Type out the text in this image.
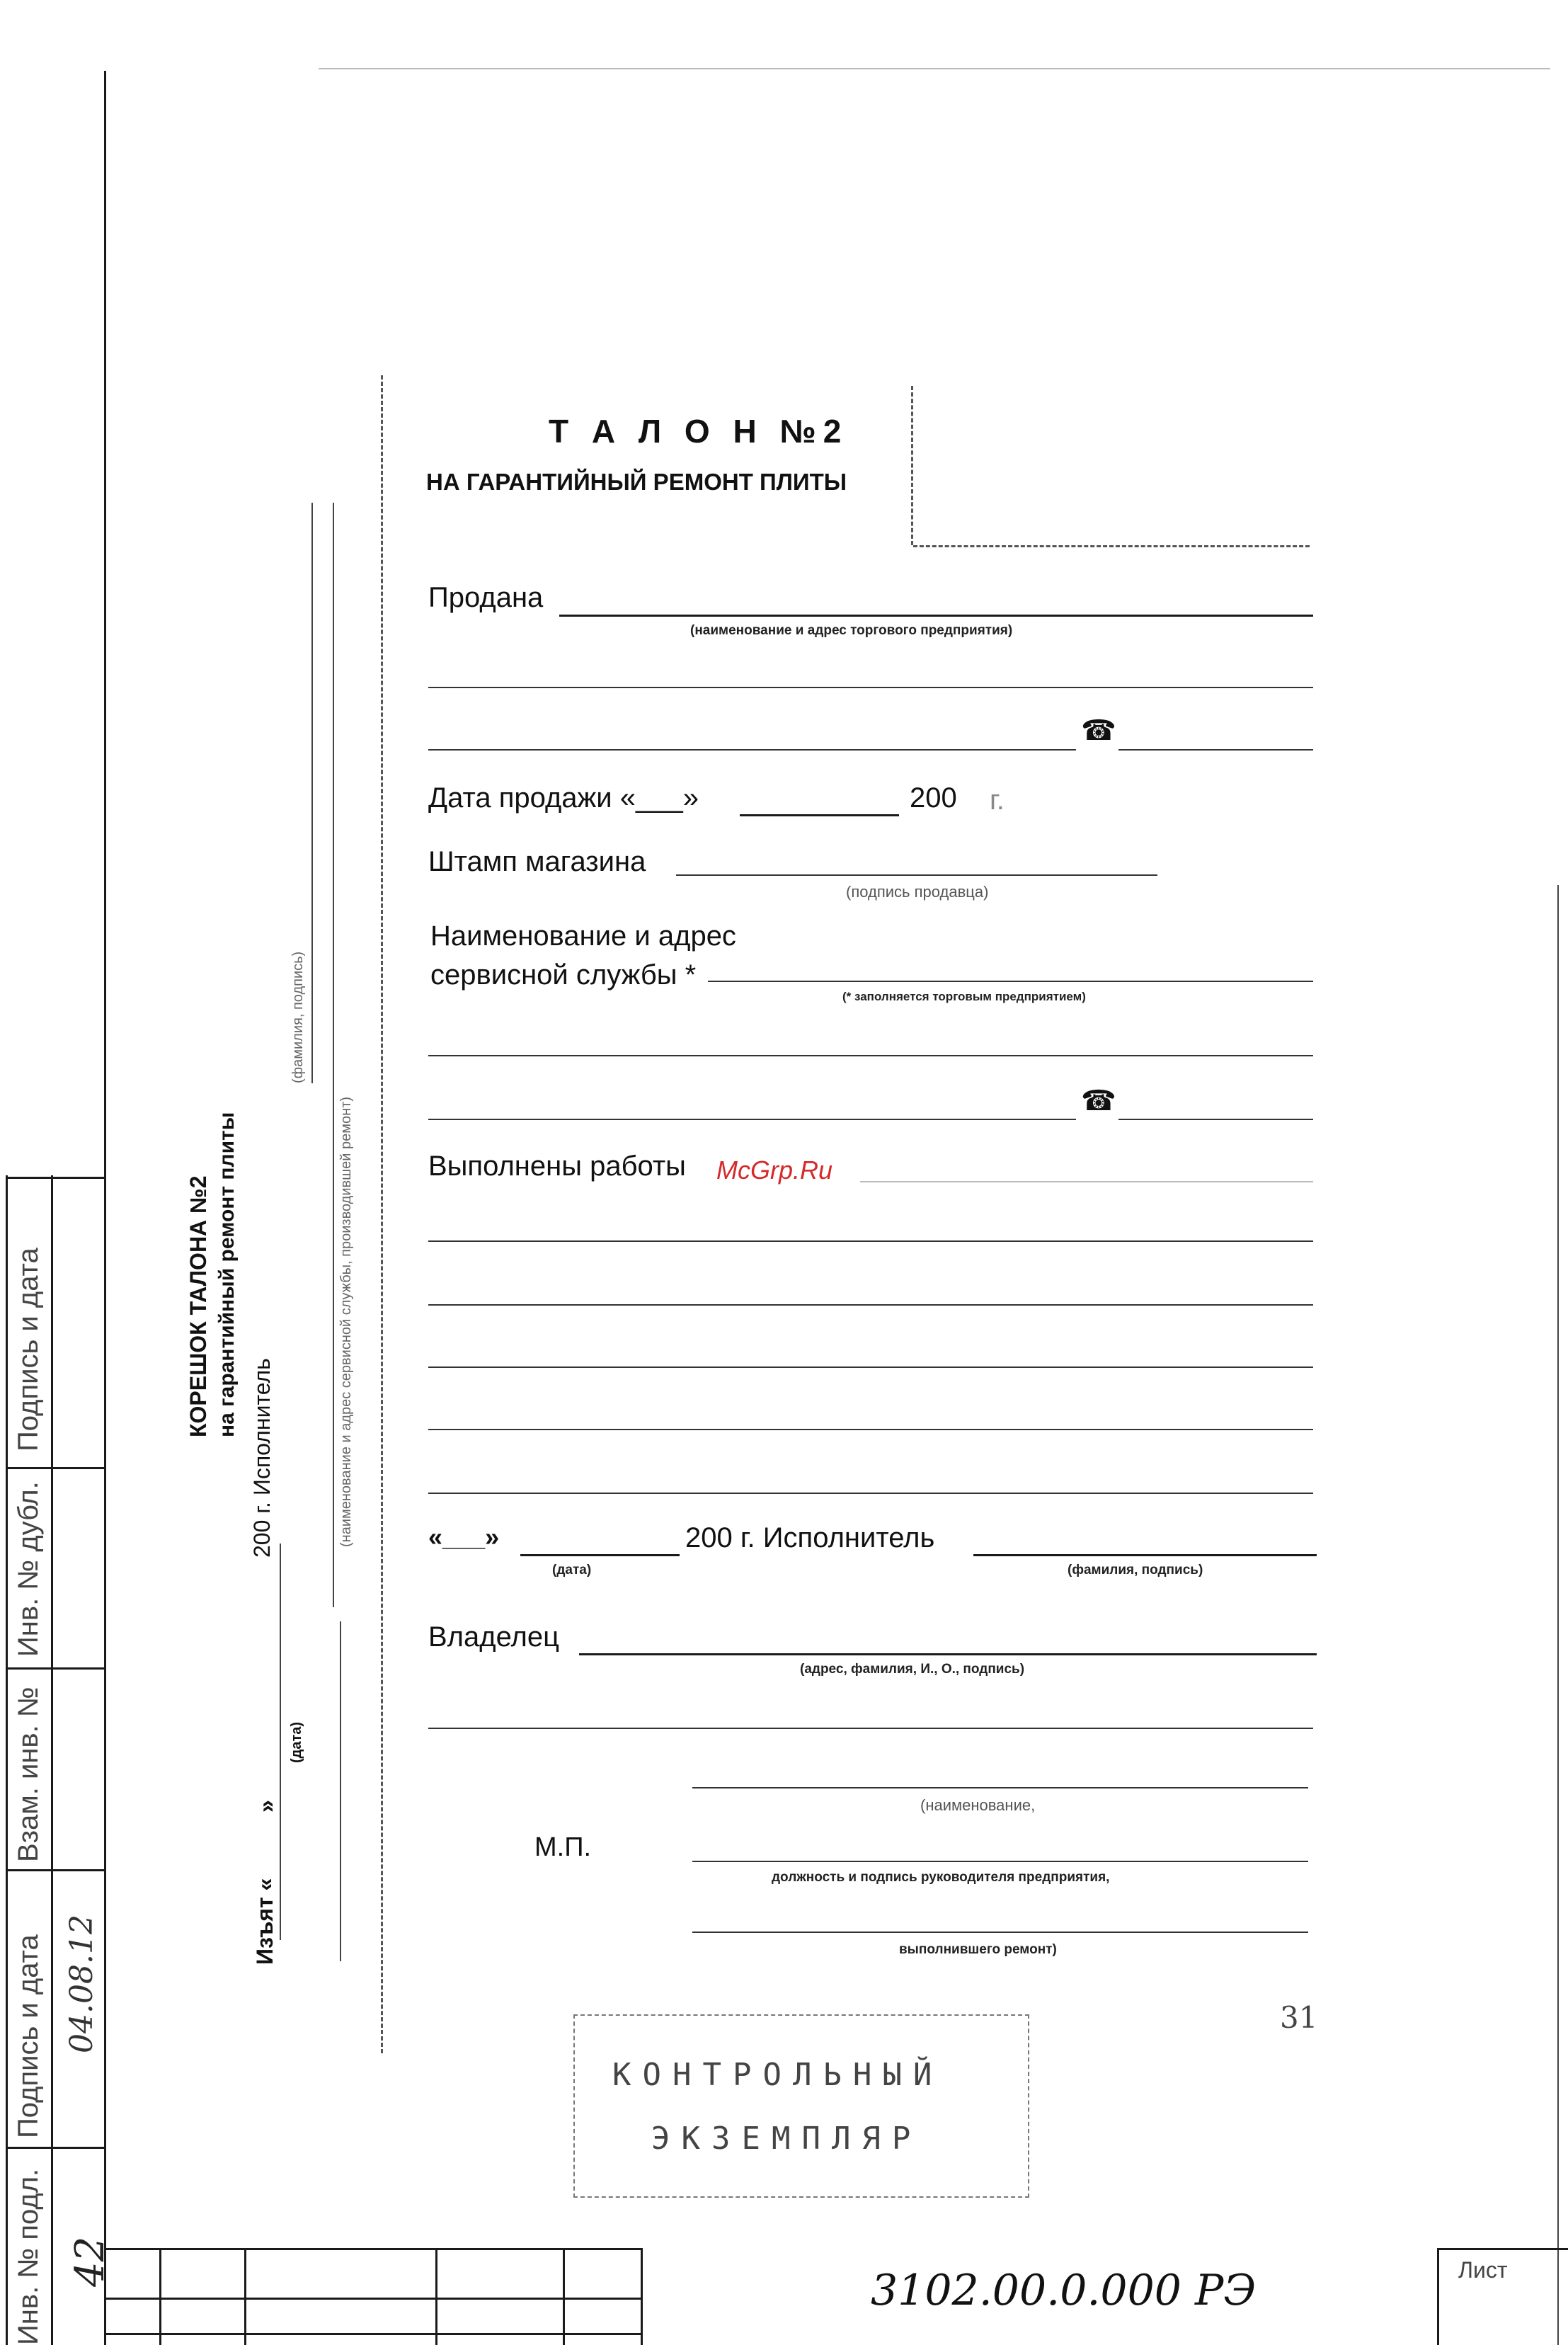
Подпись и дата
Инв. № дубл.
Взам. инв. №
Подпись и дата
Инв. № подл.
04.08.12
42
КОРЕШОК ТАЛОНА №2 на гарантийный ремонт плиты
200 г. Исполнитель
(фамилия, подпись)
(наименование и адрес сервисной службы, производившей ремонт)
Изъят «
»
(дата)
Т А Л О Н №2
НА ГАРАНТИЙНЫЙ РЕМОНТ ПЛИТЫ
Продана
(наименование и адрес торгового предприятия)
☎
Дата продажи «___»	200 г.
Штамп магазина
(подпись продавца)
Наименование и адрес
сервисной службы *
(* заполняется торговым предприятием)
☎
Выполнены работы McGrp.Ru
«___»
(дата)
200 г. Исполнитель
(фамилия, подпись)
Владелец
(адрес, фамилия, И., О., подпись)
(наименование,
М.П.
должность и подпись руководителя предприятия,
выполнившего ремонт)
31
КОНТРОЛЬНЫЙ
ЭКЗЕМПЛЯР
3102.00.0.000 РЭ	Лист
